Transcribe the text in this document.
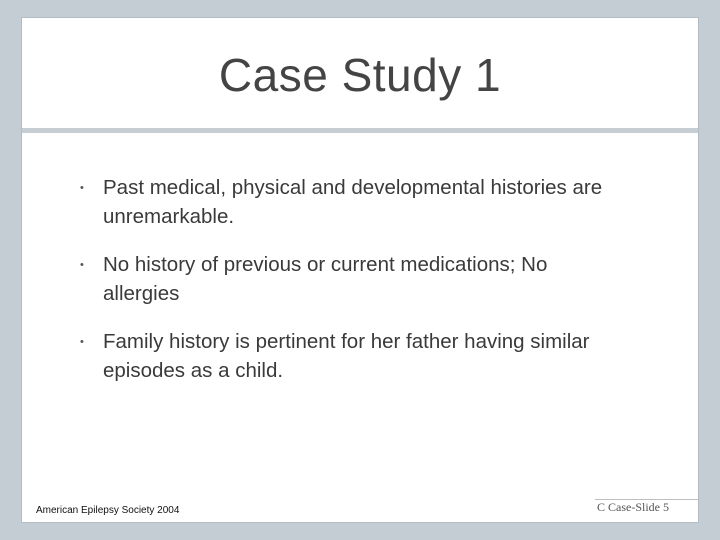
Case Study 1
• Past medical, physical and developmental histories are unremarkable.
• No history of previous or current medications; No allergies
• Family history is pertinent for her father having similar episodes as a child.
American Epilepsy Society 2004	C Case-Slide 5
